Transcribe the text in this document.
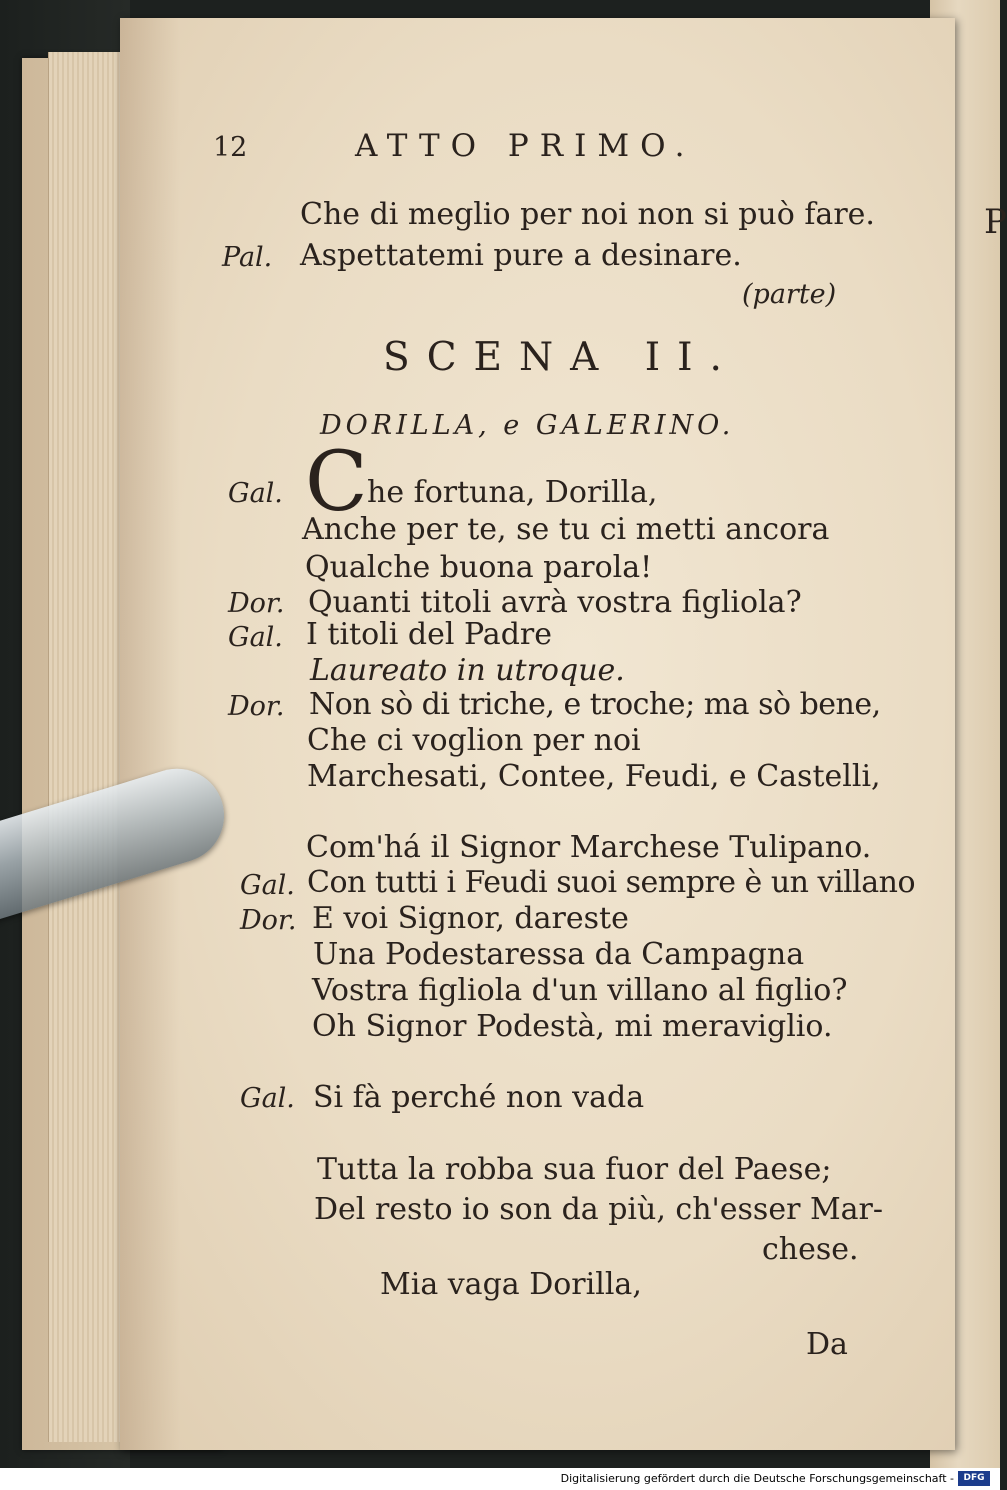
P
12	ATTO PRIMO.
Che di meglio per noi non si può fare.
Pal. Aspettatemi pure a desinare.
(parte)
SCENA II.
DORILLA, e GALERINO.
C
Gal.	he fortuna, Dorilla,
Anche per te, se tu ci metti ancora
Qualche buona parola!
Dor. Quanti titoli avrà vostra figliola?
Gal. I titoli del Padre
Laureato in utroque.
Dor. Non sò di triche, e troche; ma sò bene,
Che ci voglion per noi
Marchesati, Contee, Feudi, e Castelli,
Com'há il Signor Marchese Tulipano.
Gal. Con tutti i Feudi suoi sempre è un villano
Dor. E voi Signor, dareste
Una Podestaressa da Campagna
Vostra figliola d'un villano al figlio?
Oh Signor Podestà, mi meraviglio.
Gal. Si fà perché non vada
Tutta la robba sua fuor del Paese;
Del resto io son da più, ch'esser Mar-
chese.
Mia vaga Dorilla,
Da
Digitalisierung gefördert durch die Deutsche Forschungsgemeinschaft -	DFG
